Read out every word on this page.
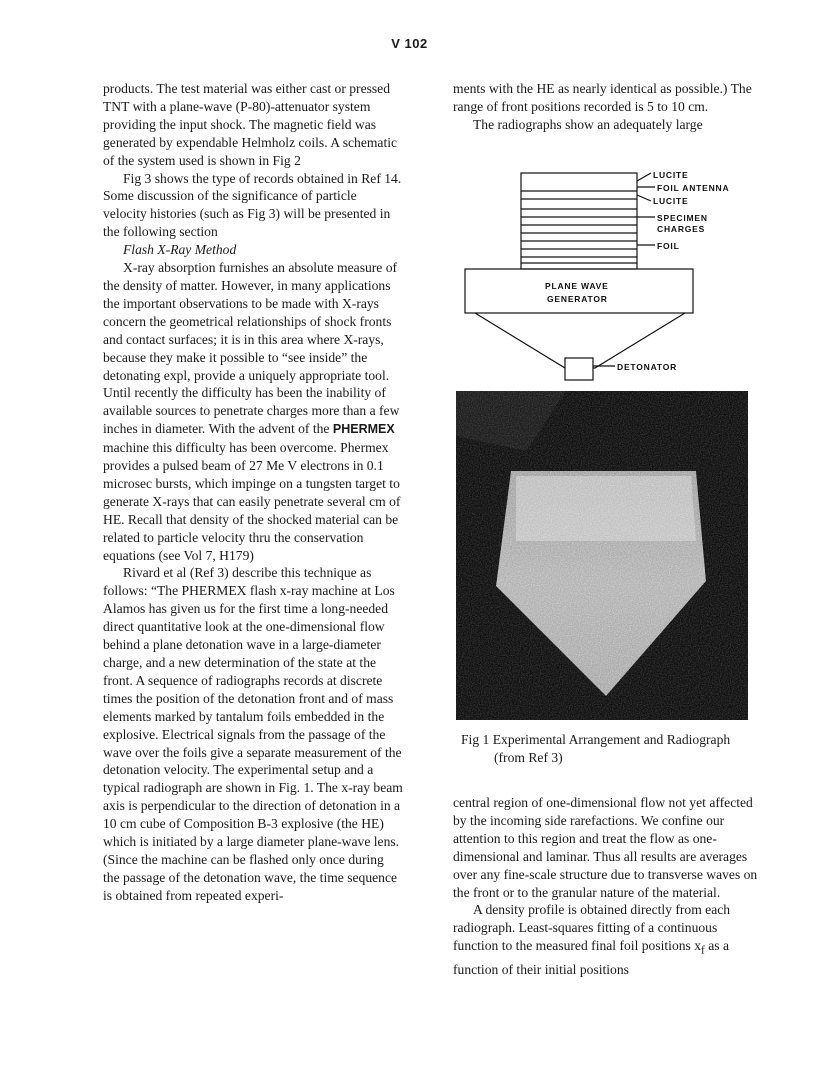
V 102

products. The test material was either cast or pressed TNT with a plane-wave (P-80)-attenuator system providing the input shock. The magnetic field was generated by expendable Helmholz coils. A schematic of the system used is shown in Fig 2

Fig 3 shows the type of records obtained in Ref 14. Some discussion of the significance of particle velocity histories (such as Fig 3) will be presented in the following section

Flash X-Ray Method

X-ray absorption furnishes an absolute measure of the density of matter. However, in many applications the important observations to be made with X-rays concern the geometrical relationships of shock fronts and contact surfaces; it is in this area where X-rays, because they make it possible to “see inside” the detonating expl, provide a uniquely appropriate tool. Until recently the difficulty has been the inability of available sources to penetrate charges more than a few inches in diameter. With the advent of the PHERMEX machine this difficulty has been overcome. Phermex provides a pulsed beam of 27 Me V electrons in 0.1 microsec bursts, which impinge on a tungsten target to generate X-rays that can easily penetrate several cm of HE. Recall that density of the shocked material can be related to particle velocity thru the conservation equations (see Vol 7, H179)

Rivard et al (Ref 3) describe this technique as follows: “The PHERMEX flash x-ray machine at Los Alamos has given us for the first time a long-needed direct quantitative look at the one-dimensional flow behind a plane detonation wave in a large-diameter charge, and a new determination of the state at the front. A sequence of radiographs records at discrete times the position of the detonation front and of mass elements marked by tantalum foils embedded in the explosive. Electrical signals from the passage of the wave over the foils give a separate measurement of the detonation velocity. The experimental setup and a typical radiograph are shown in Fig. 1. The x-ray beam axis is perpendicular to the direction of detonation in a 10 cm cube of Composition B-3 explosive (the HE) which is initiated by a large diameter plane-wave lens. (Since the machine can be flashed only once during the passage of the detonation wave, the time sequence is obtained from repeated experi-

ments with the HE as nearly identical as possible.) The range of front positions recorded is 5 to 10 cm.

The radiographs show an adequately large

LUCITE
FOIL ANTENNA
LUCITE
SPECIMEN
CHARGES
FOIL
PLANE WAVE
GENERATOR
DETONATOR
Fig 1 Experimental Arrangement and Radiograph
(from Ref 3)

central region of one-dimensional flow not yet affected by the incoming side rarefactions. We confine our attention to this region and treat the flow as one-dimensional and laminar. Thus all results are averages over any fine-scale structure due to transverse waves on the front or to the granular nature of the material.

A density profile is obtained directly from each radiograph. Least-squares fitting of a continuous function to the measured final foil positions $x_f$ as a function of their initial positions
